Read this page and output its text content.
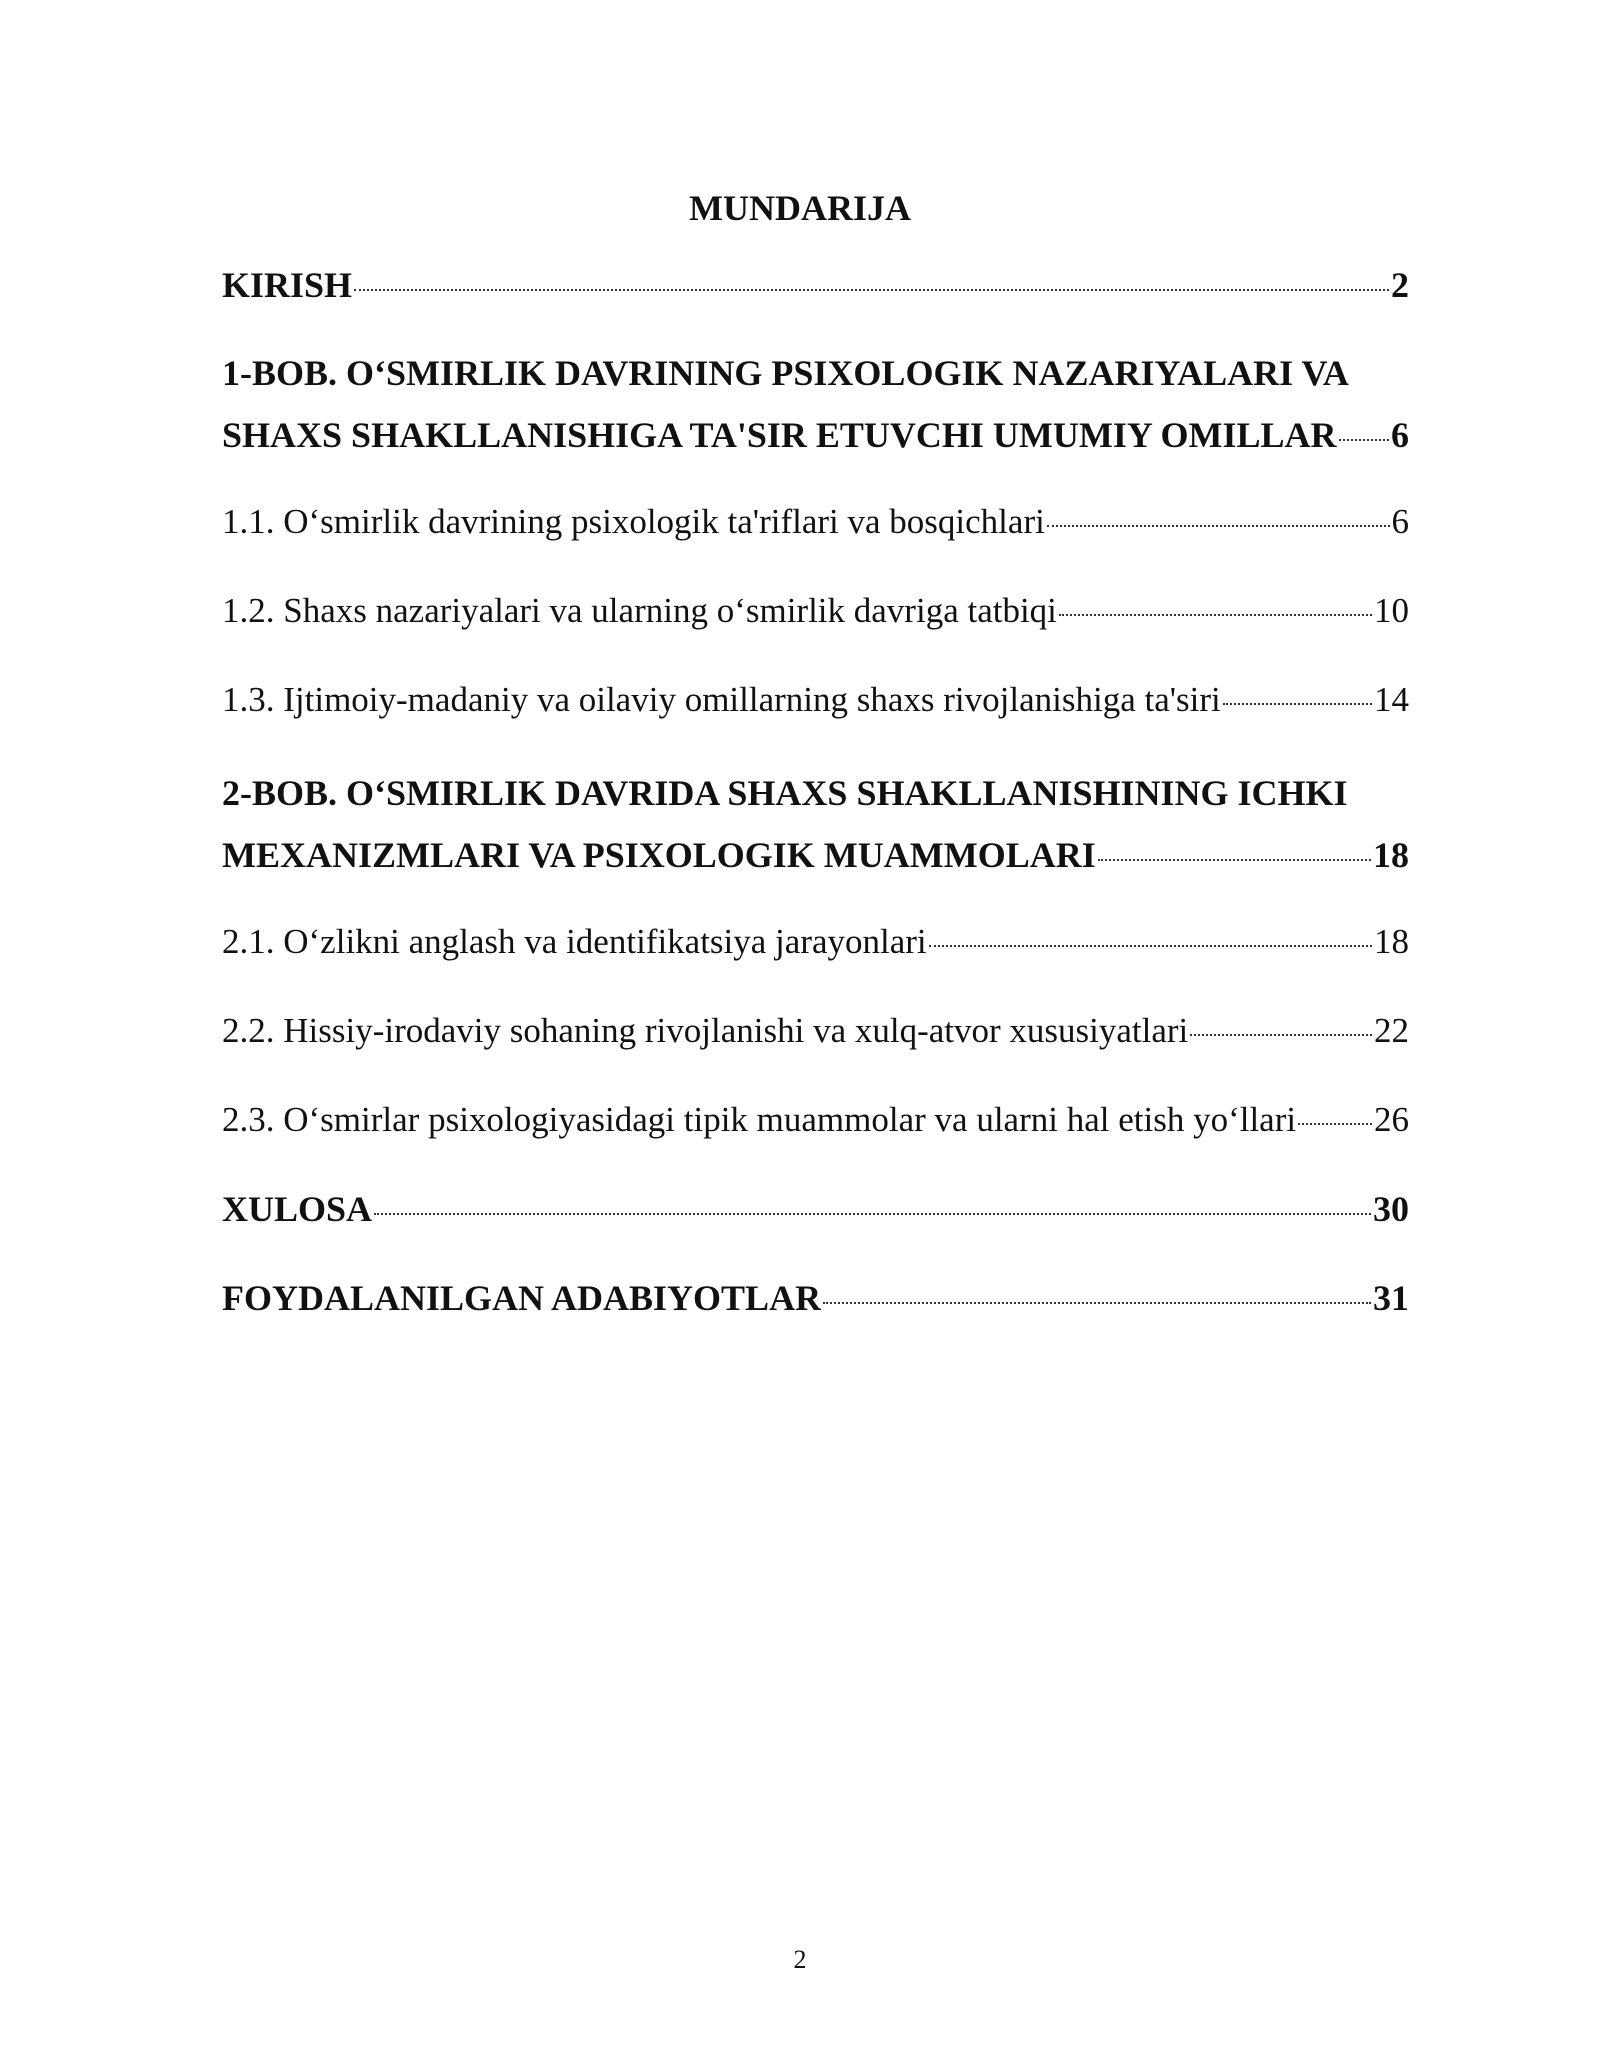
MUNDARIJA
KIRISH	2
1-BOB. O‘SMIRLIK DAVRINING PSIXOLOGIK NAZARIYALARI VA
SHAXS SHAKLLANISHIGA TA'SIR ETUVCHI UMUMIY OMILLAR 6
1.1. O‘smirlik davrining psixologik ta'riflari va bosqichlari	6
1.2. Shaxs nazariyalari va ularning o‘smirlik davriga tatbiqi	10
1.3. Ijtimoiy-madaniy va oilaviy omillarning shaxs rivojlanishiga ta'siri	14
2-BOB. O‘SMIRLIK DAVRIDA SHAXS SHAKLLANISHINING ICHKI
MEXANIZMLARI VA PSIXOLOGIK MUAMMOLARI	18
2.1. O‘zlikni anglash va identifikatsiya jarayonlari	18
2.2. Hissiy-irodaviy sohaning rivojlanishi va xulq-atvor xususiyatlari	22
2.3. O‘smirlar psixologiyasidagi tipik muammolar va ularni hal etish yo‘llari 26
XULOSA	30
FOYDALANILGAN ADABIYOTLAR	31
2
